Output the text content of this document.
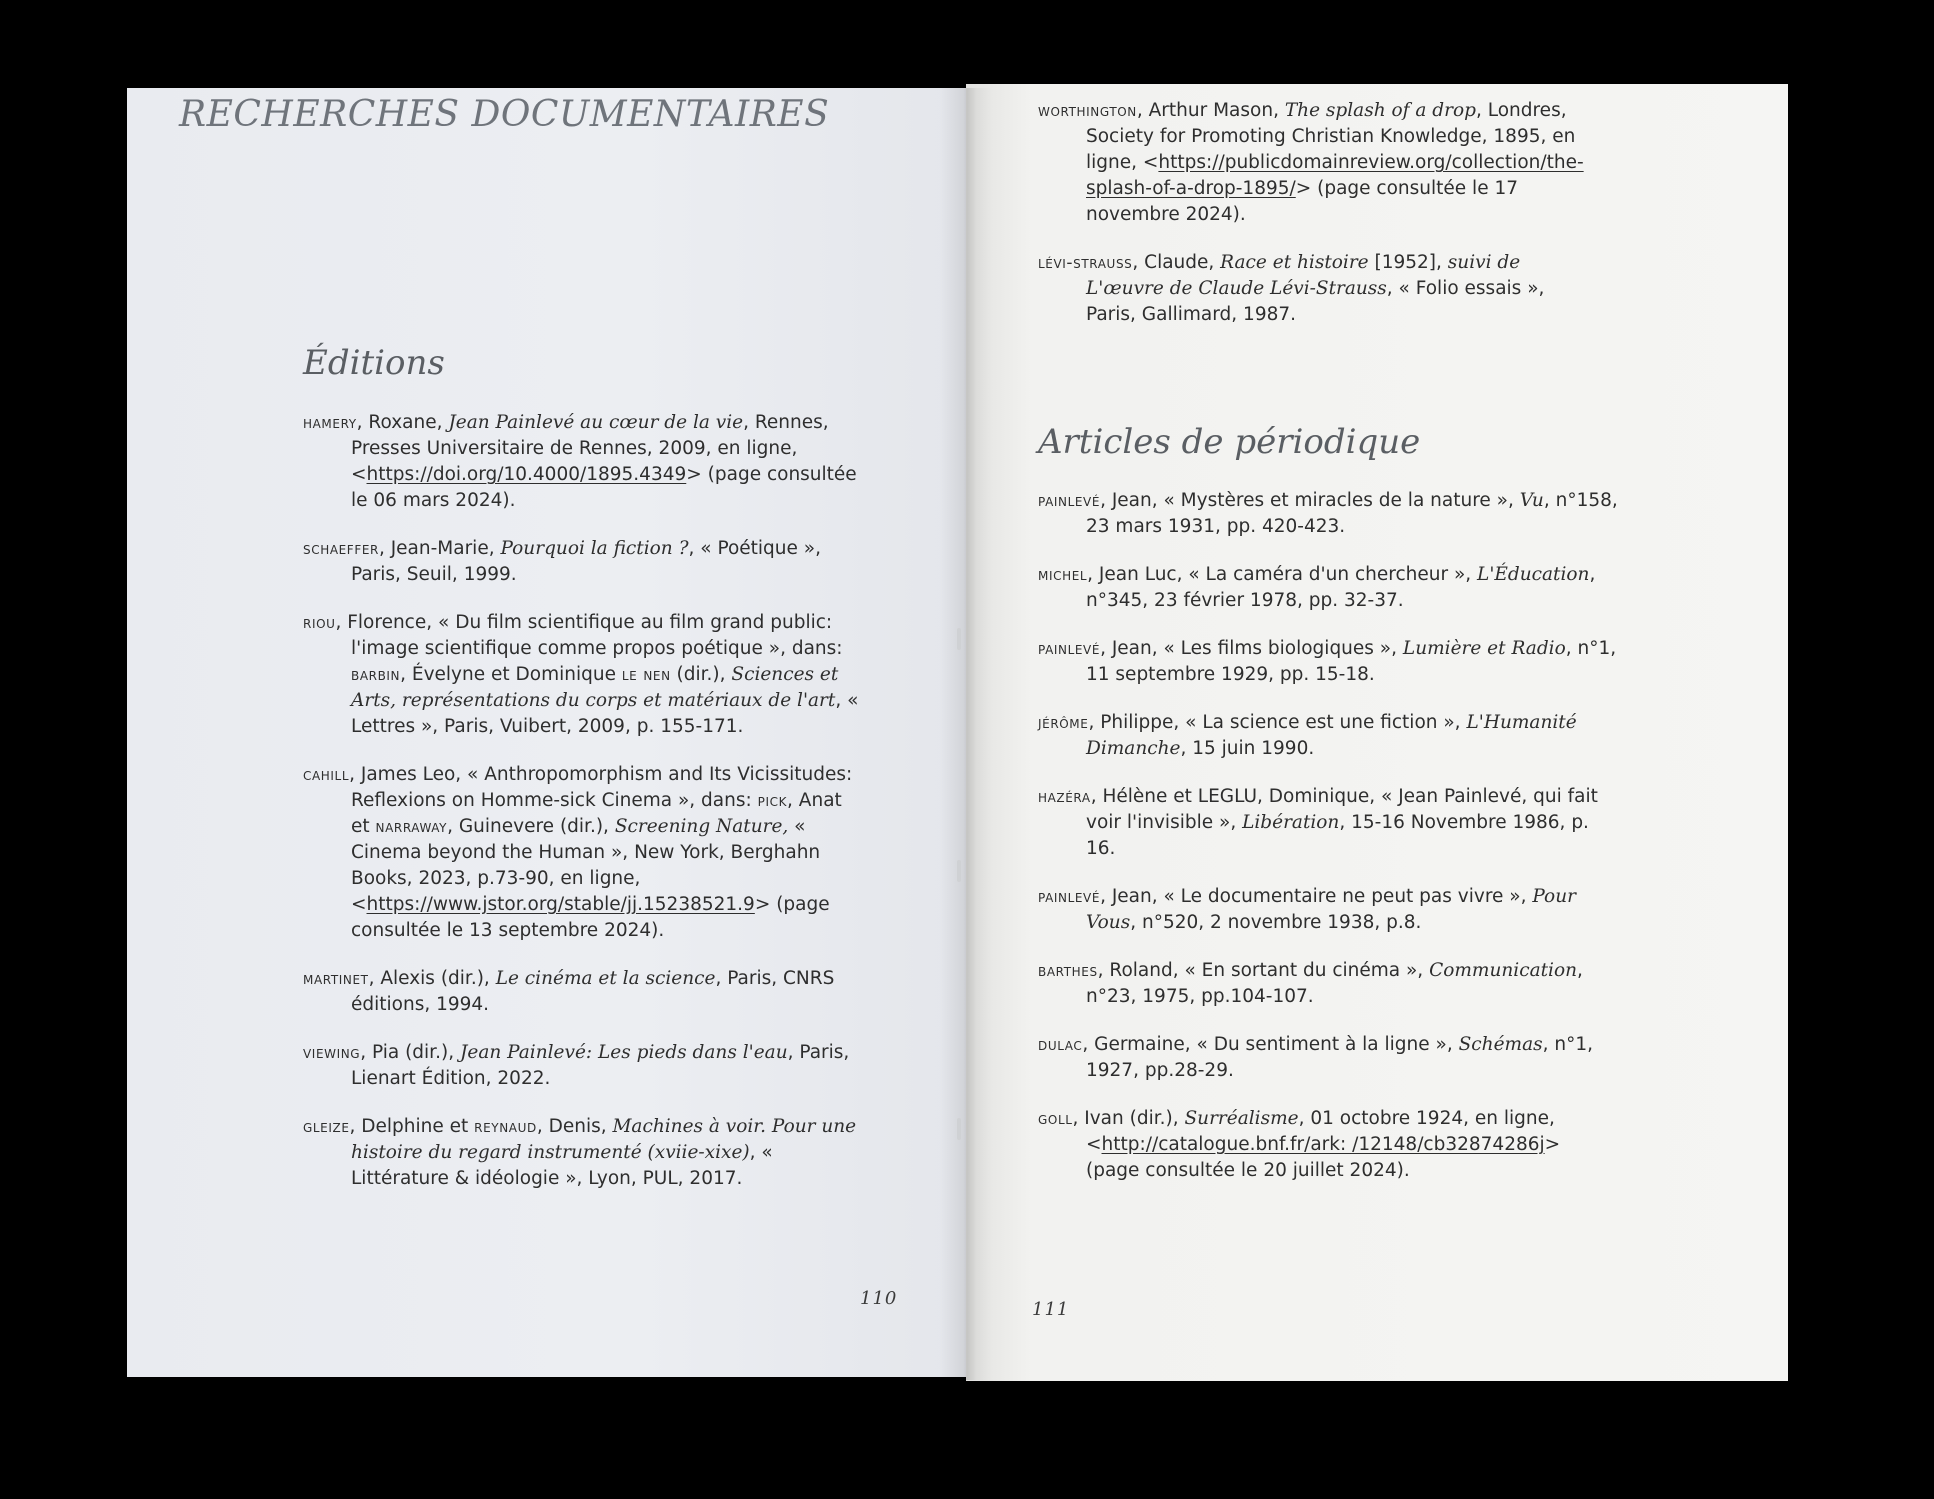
RECHERCHES DOCUMENTAIRES
Éditions
hamery, Roxane, Jean Painlevé au cœur de la vie, Rennes, Presses Universitaire de Rennes, 2009, en ligne, <https://doi.org/10.4000/1895.4349> (page consultée le 06 mars 2024).
schaeffer, Jean-Marie, Pourquoi la fiction ?, « Poétique », Paris, Seuil, 1999.
riou, Florence, « Du film scientifique au film grand public: l'image scientifique comme propos poétique », dans: barbin, Évelyne et Dominique le nen (dir.), Sciences et Arts, représentations du corps et matériaux de l'art, « Lettres », Paris, Vuibert, 2009, p. 155-171.
cahill, James Leo, « Anthropomorphism and Its Vicissitudes: Reflexions on Homme-sick Cinema », dans: pick, Anat et narraway, Guinevere (dir.), Screening Nature, « Cinema beyond the Human », New York, Berghahn Books, 2023, p.73-90, en ligne, <https://www.jstor.org/stable/jj.15238521.9> (page consultée le 13 septembre 2024).
martinet, Alexis (dir.), Le cinéma et la science, Paris, CNRS éditions, 1994.
viewing, Pia (dir.), Jean Painlevé: Les pieds dans l'eau, Paris, Lienart Édition, 2022.
gleize, Delphine et reynaud, Denis, Machines à voir. Pour une histoire du regard instrumenté (xviie-xixe), « Littérature & idéologie », Lyon, PUL, 2017.
110
worthington, Arthur Mason, The splash of a drop, Londres, Society for Promoting Christian Knowledge, 1895, en ligne, <https://publicdomainreview.org/collection/the-splash-of-a-drop-1895/> (page consultée le 17 novembre 2024).
lévi-strauss, Claude, Race et histoire [1952], suivi de L'œuvre de Claude Lévi-Strauss, « Folio essais », Paris, Gallimard, 1987.
Articles de périodique
painlevé, Jean, « Mystères et miracles de la nature », Vu, n°158, 23 mars 1931, pp. 420-423.
michel, Jean Luc, « La caméra d'un chercheur », L'Éducation, n°345, 23 février 1978, pp. 32-37.
painlevé, Jean, « Les films biologiques », Lumière et Radio, n°1, 11 septembre 1929, pp. 15-18.
jérôme, Philippe, « La science est une fiction », L'Humanité Dimanche, 15 juin 1990.
hazéra, Hélène et LEGLU, Dominique, « Jean Painlevé, qui fait voir l'invisible », Libération, 15-16 Novembre 1986, p. 16.
painlevé, Jean, « Le documentaire ne peut pas vivre », Pour Vous, n°520, 2 novembre 1938, p.8.
barthes, Roland, « En sortant du cinéma », Communication, n°23, 1975, pp.104-107.
dulac, Germaine, « Du sentiment à la ligne », Schémas, n°1, 1927, pp.28-29.
goll, Ivan (dir.), Surréalisme, 01 octobre 1924, en ligne, <http://catalogue.bnf.fr/ark: /12148/cb32874286j> (page consultée le 20 juillet 2024).
111
